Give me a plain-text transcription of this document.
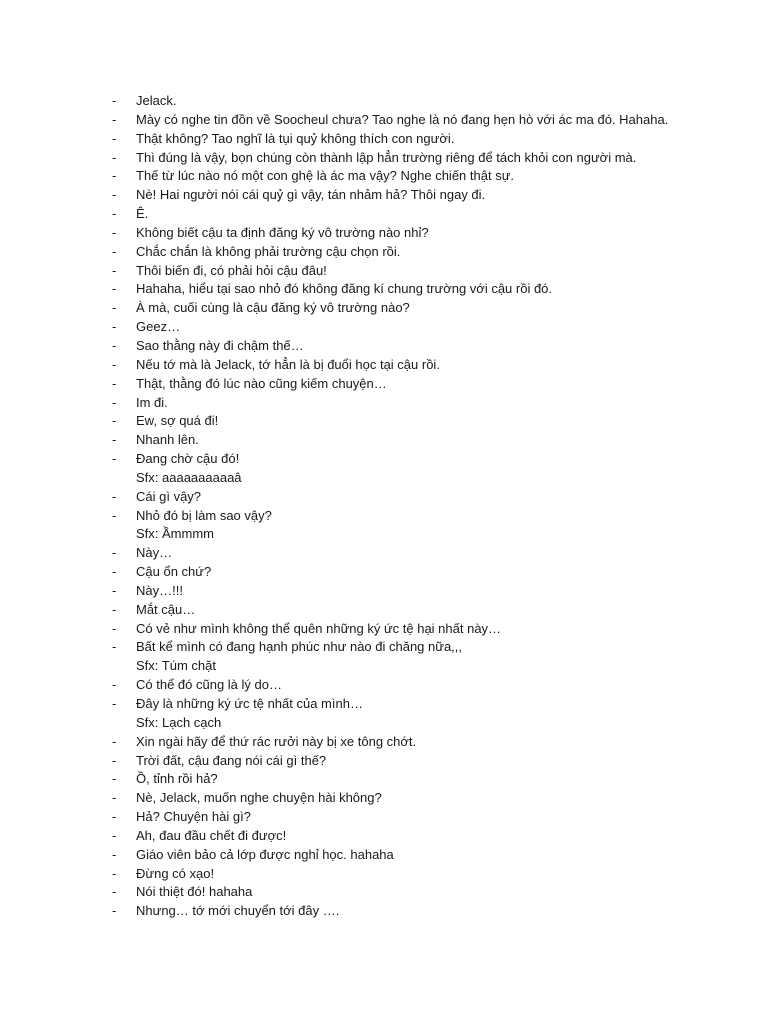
- Jelack.
- Mày có nghe tin đồn về Soocheul chưa? Tao nghe là nó đang hẹn hò với ác ma đó. Hahaha.
- Thật không? Tao nghĩ là tụi quỷ không thích con người.
- Thì đúng là vậy, bọn chúng còn thành lập hẳn trường riêng để tách khỏi con người mà.
- Thế từ lúc nào nó một con ghệ là ác ma vậy? Nghe chiến thật sự.
- Nè! Hai người nói cái quỷ gì vậy, tán nhảm hả? Thôi ngay đi.
- Ê.
- Không biết cậu ta định đăng ký vô trường nào nhỉ?
- Chắc chắn là không phải trường cậu chọn rồi.
- Thôi biến đi, có phải hỏi cậu đâu!
- Hahaha, hiểu tại sao nhỏ đó không đăng kí chung trường với cậu rồi đó.
- À mà, cuối cùng là cậu đăng ký vô trường nào?
- Geez…
- Sao thằng này đi chậm thế…
- Nếu tớ mà là Jelack, tớ hẳn là bị đuổi học tại cậu rồi.
- Thật, thằng đó lúc nào cũng kiếm chuyện…
- Im đi.
- Ew, sợ quá đi!
- Nhanh lên.
- Đang chờ cậu đó!
Sfx: aaaaaaaaaaâ
- Cái gì vậy?
- Nhỏ đó bị làm sao vậy?
Sfx: Ầmmmm
- Này…
- Cậu ổn chứ?
- Này…!!!
- Mắt cậu…
- Có vẻ như mình không thể quên những ký ức tệ hại nhất này…
- Bất kể mình có đang hạnh phúc như nào đi chăng nữa,,,
Sfx: Túm chặt
- Có thể đó cũng là lý do…
- Đây là những ký ức tệ nhất của mình…
Sfx: Lạch cạch
- Xin ngài hãy để thứ rác rưởi này bị xe tông chớt.
- Trời đất, cậu đang nói cái gì thế?
- Ồ, tỉnh rồi hả?
- Nè, Jelack, muốn nghe chuyện hài không?
- Hả? Chuyện hài gì?
- Ah, đau đầu chết đi được!
- Giáo viên bảo cả lớp được nghỉ học. hahaha
- Đừng có xạo!
- Nói thiệt đó! hahaha
- Nhưng… tớ mới chuyển tới đây ….
